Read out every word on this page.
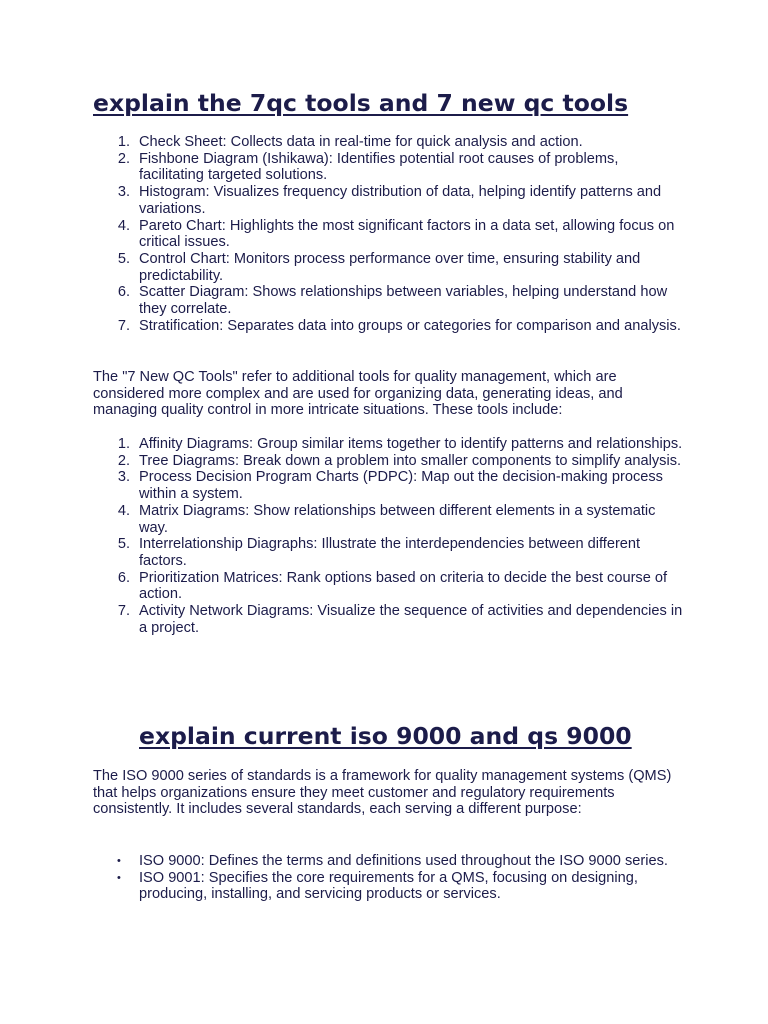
explain the 7qc tools and 7 new qc tools
1. Check Sheet: Collects data in real-time for quick analysis and action.
2. Fishbone Diagram (Ishikawa): Identifies potential root causes of problems, facilitating targeted solutions.
3. Histogram: Visualizes frequency distribution of data, helping identify patterns and variations.
4. Pareto Chart: Highlights the most significant factors in a data set, allowing focus on critical issues.
5. Control Chart: Monitors process performance over time, ensuring stability and predictability.
6. Scatter Diagram: Shows relationships between variables, helping understand how they correlate.
7. Stratification: Separates data into groups or categories for comparison and analysis.

The "7 New QC Tools" refer to additional tools for quality management, which are considered more complex and are used for organizing data, generating ideas, and managing quality control in more intricate situations. These tools include:

1. Affinity Diagrams: Group similar items together to identify patterns and relationships.
2. Tree Diagrams: Break down a problem into smaller components to simplify analysis.
3. Process Decision Program Charts (PDPC): Map out the decision-making process within a system.
4. Matrix Diagrams: Show relationships between different elements in a systematic way.
5. Interrelationship Diagraphs: Illustrate the interdependencies between different factors.
6. Prioritization Matrices: Rank options based on criteria to decide the best course of action.
7. Activity Network Diagrams: Visualize the sequence of activities and dependencies in a project.
explain current iso 9000 and qs 9000

The ISO 9000 series of standards is a framework for quality management systems (QMS) that helps organizations ensure they meet customer and regulatory requirements consistently. It includes several standards, each serving a different purpose:

• ISO 9000: Defines the terms and definitions used throughout the ISO 9000 series.
• ISO 9001: Specifies the core requirements for a QMS, focusing on designing, producing, installing, and servicing products or services.
